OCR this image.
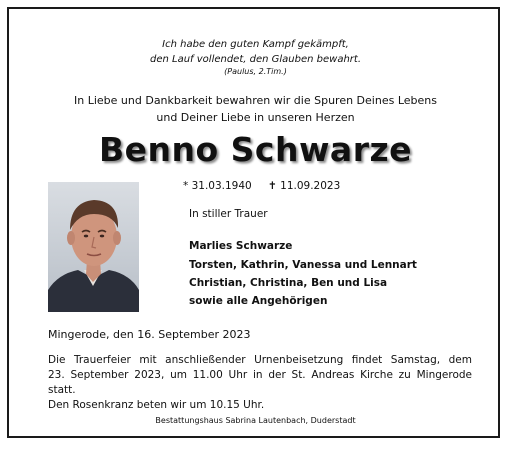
Ich habe den guten Kampf gekämpft,
den Lauf vollendet, den Glauben bewahrt.
(Paulus, 2.Tim.)
In Liebe und Dankbarkeit bewahren wir die Spuren Deines Lebens
und Deiner Liebe in unseren Herzen
Benno Schwarze
* 31.03.1940 ✝ 11.09.2023
In stiller Trauer
Marlies Schwarze
Torsten, Kathrin, Vanessa und Lennart
Christian, Christina, Ben und Lisa
sowie alle Angehörigen
Mingerode, den 16. September 2023
Die Trauerfeier mit anschließender Urnenbeisetzung findet Samstag, dem
23. September 2023, um 11.00 Uhr in der St. Andreas Kirche zu Mingerode statt.
Den Rosenkranz beten wir um 10.15 Uhr.
Bestattungshaus Sabrina Lautenbach, Duderstadt
